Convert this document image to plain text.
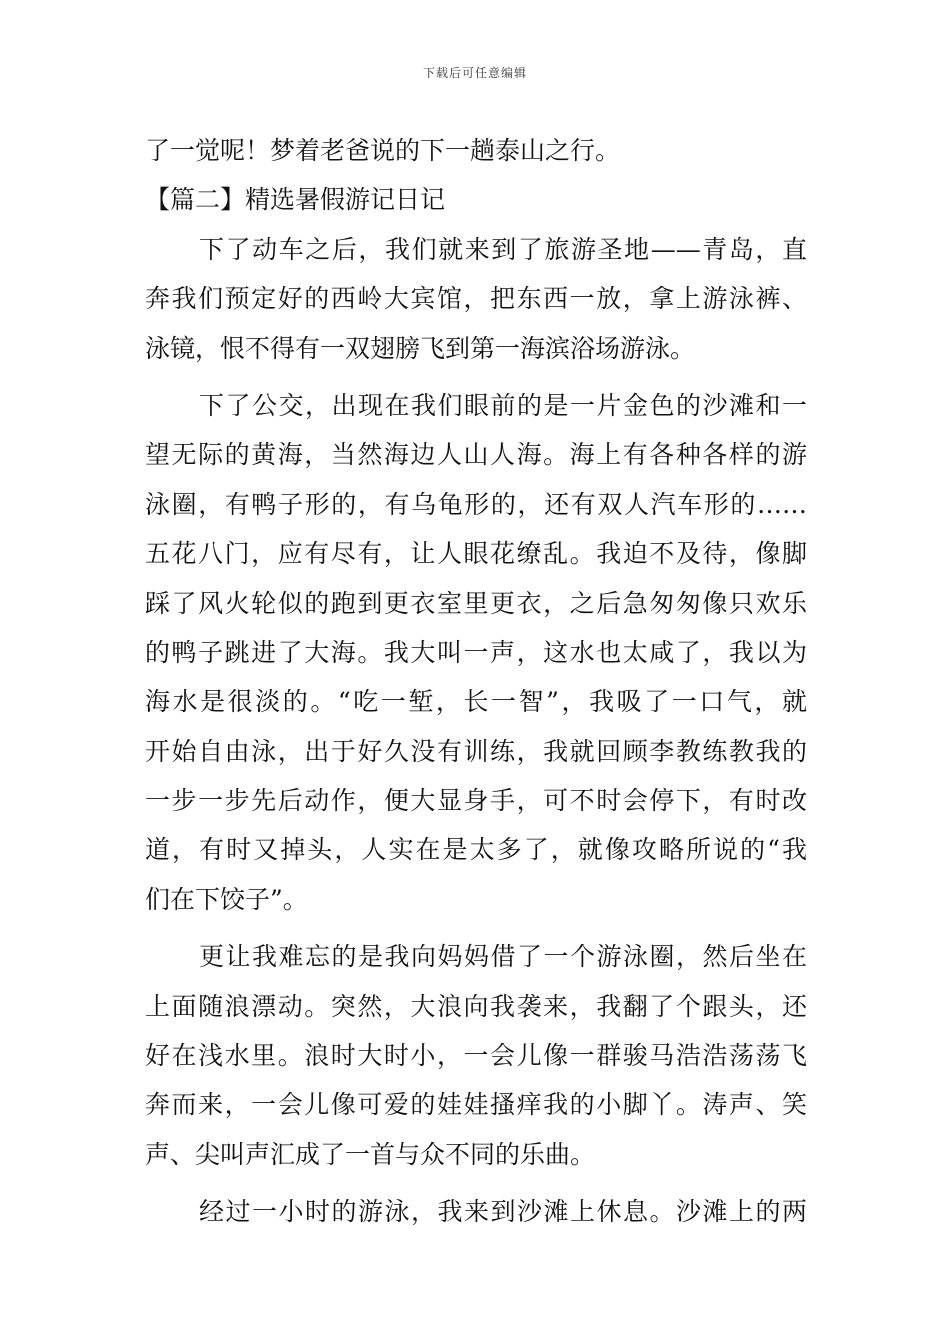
下载后可任意编辑
了一觉呢！梦着老爸说的下一趟泰山之行。
【篇二】精选暑假游记日记
下了动车之后，我们就来到了旅游圣地——青岛，直
奔我们预定好的西岭大宾馆，把东西一放，拿上游泳裤、
泳镜，恨不得有一双翅膀飞到第一海滨浴场游泳。
下了公交，出现在我们眼前的是一片金色的沙滩和一
望无际的黄海，当然海边人山人海。海上有各种各样的游
泳圈，有鸭子形的，有乌龟形的，还有双人汽车形的……
五花八门，应有尽有，让人眼花缭乱。我迫不及待，像脚
踩了风火轮似的跑到更衣室里更衣，之后急匆匆像只欢乐
的鸭子跳进了大海。我大叫一声，这水也太咸了，我以为
海水是很淡的。“吃一堑，长一智”，我吸了一口气，就
开始自由泳，出于好久没有训练，我就回顾李教练教我的
一步一步先后动作，便大显身手，可不时会停下，有时改
道，有时又掉头，人实在是太多了，就像攻略所说的“我
们在下饺子”。
更让我难忘的是我向妈妈借了一个游泳圈，然后坐在
上面随浪漂动。突然，大浪向我袭来，我翻了个跟头，还
好在浅水里。浪时大时小，一会儿像一群骏马浩浩荡荡飞
奔而来，一会儿像可爱的娃娃搔痒我的小脚丫。涛声、笑
声、尖叫声汇成了一首与众不同的乐曲。
经过一小时的游泳，我来到沙滩上休息。沙滩上的两
